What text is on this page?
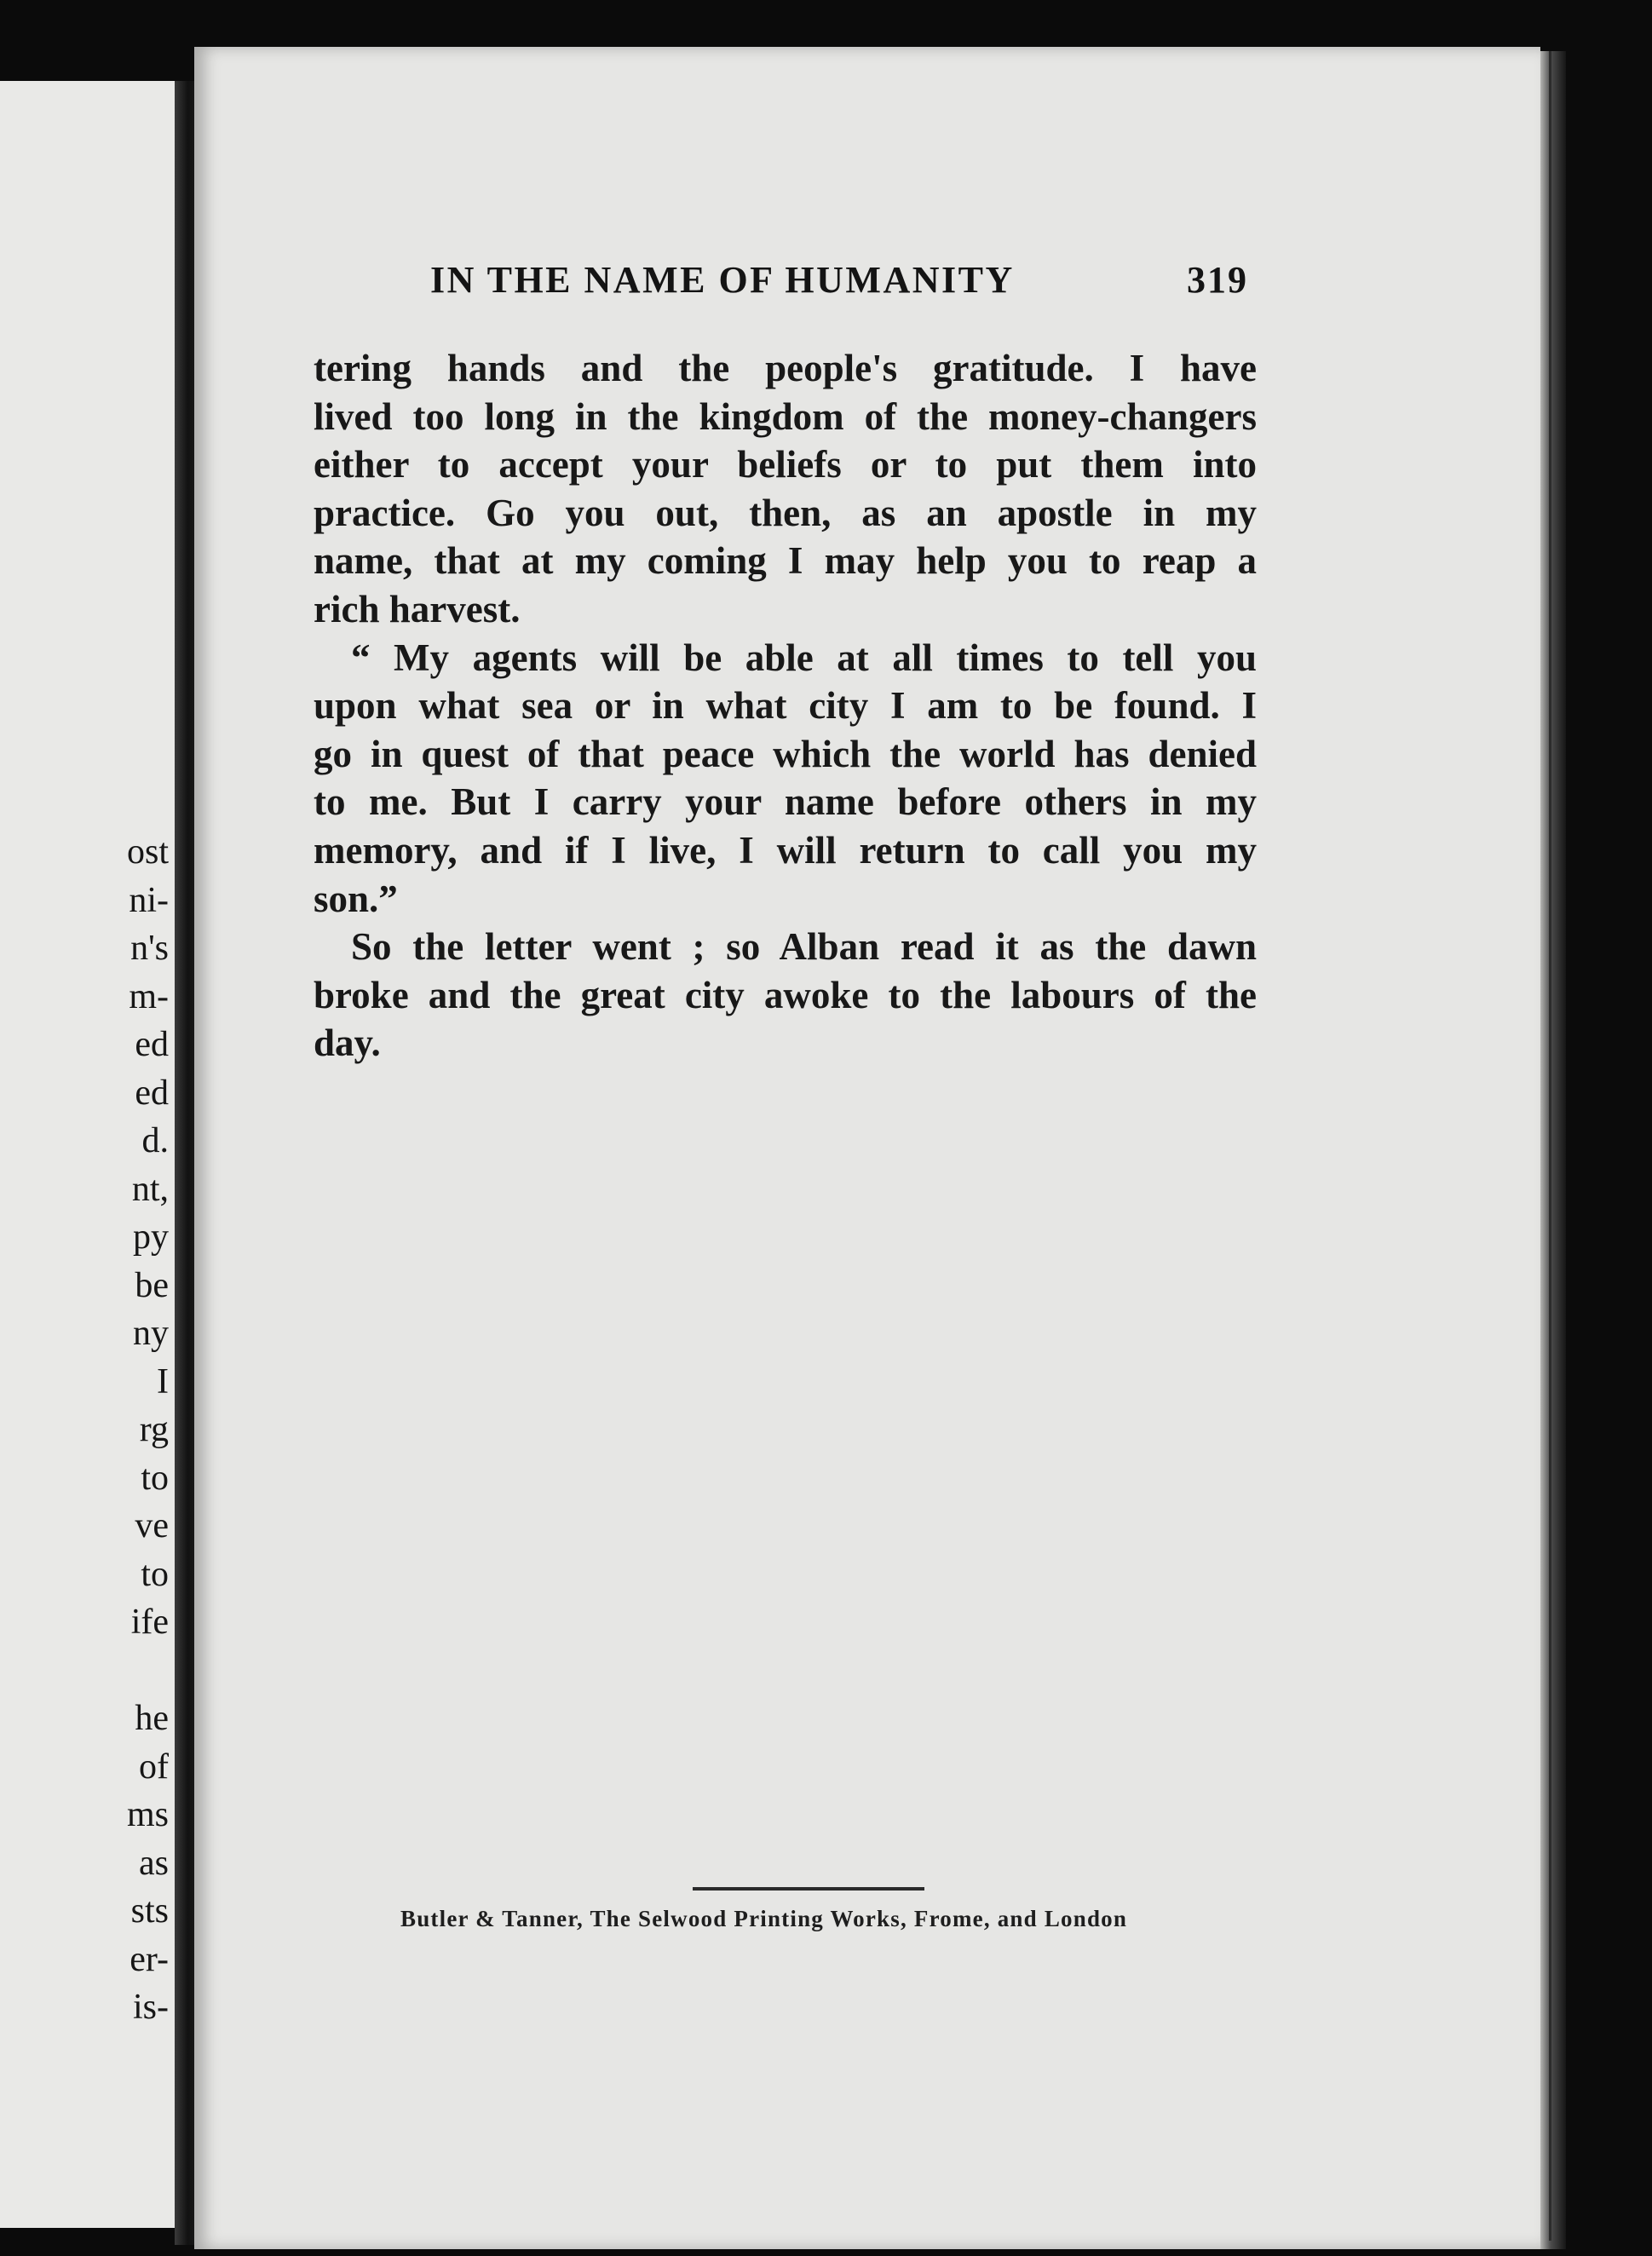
ost
ni-
n's
m-
ed
ed
d.
nt,
py
be
ny
I
rg
to
ve
to
ife
he
of
ms
as
sts
er-
is-
IN THE NAME OF HUMANITY	319
tering hands and the people's gratitude. I have
lived too long in the kingdom of the money-changers
either to accept your beliefs or to put them into
practice. Go you out, then, as an apostle in my
name, that at my coming I may help you to reap a
rich harvest.
“ My agents will be able at all times to tell you
upon what sea or in what city I am to be found. I
go in quest of that peace which the world has denied
to me. But I carry your name before others in my
memory, and if I live, I will return to call you my
son.”
So the letter went ; so Alban read it as the dawn
broke and the great city awoke to the labours of the
day.
Butler & Tanner, The Selwood Printing Works, Frome, and London
